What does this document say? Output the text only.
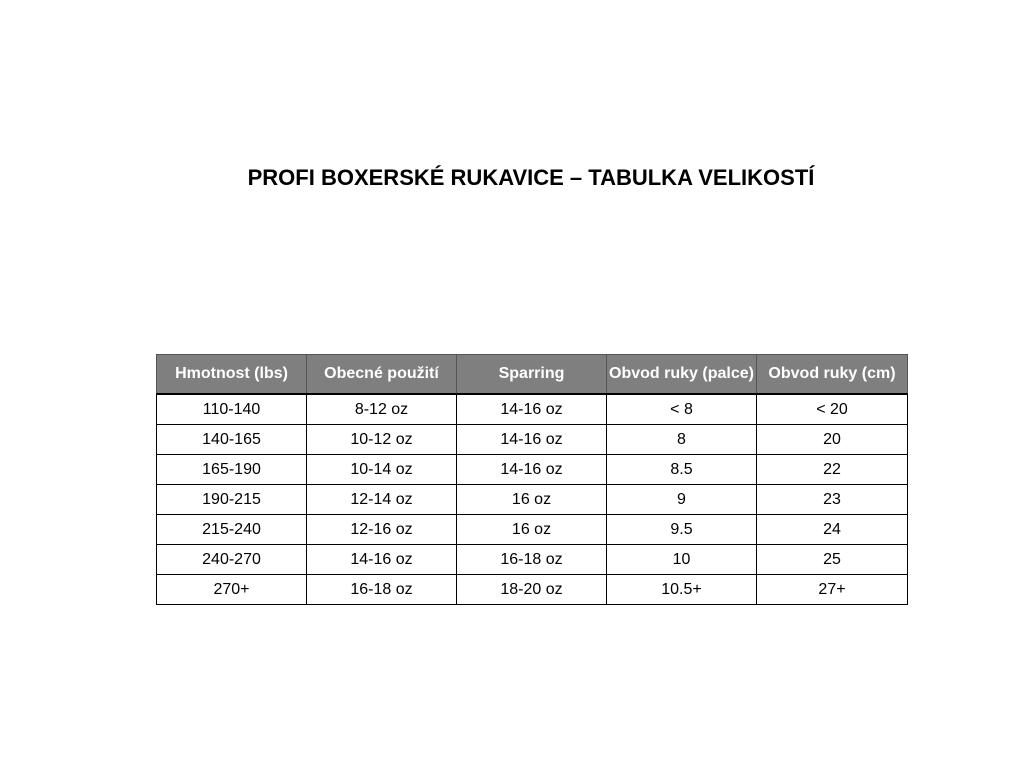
PROFI BOXERSKÉ RUKAVICE – TABULKA VELIKOSTÍ
Hmotnost (lbs)	Obecné použití	Sparring	Obvod ruky (palce)	Obvod ruky (cm)
110-140	8-12 oz	14-16 oz	< 8	< 20
140-165	10-12 oz	14-16 oz	8	20
165-190	10-14 oz	14-16 oz	8.5	22
190-215	12-14 oz	16 oz	9	23
215-240	12-16 oz	16 oz	9.5	24
240-270	14-16 oz	16-18 oz	10	25
270+	16-18 oz	18-20 oz	10.5+	27+
